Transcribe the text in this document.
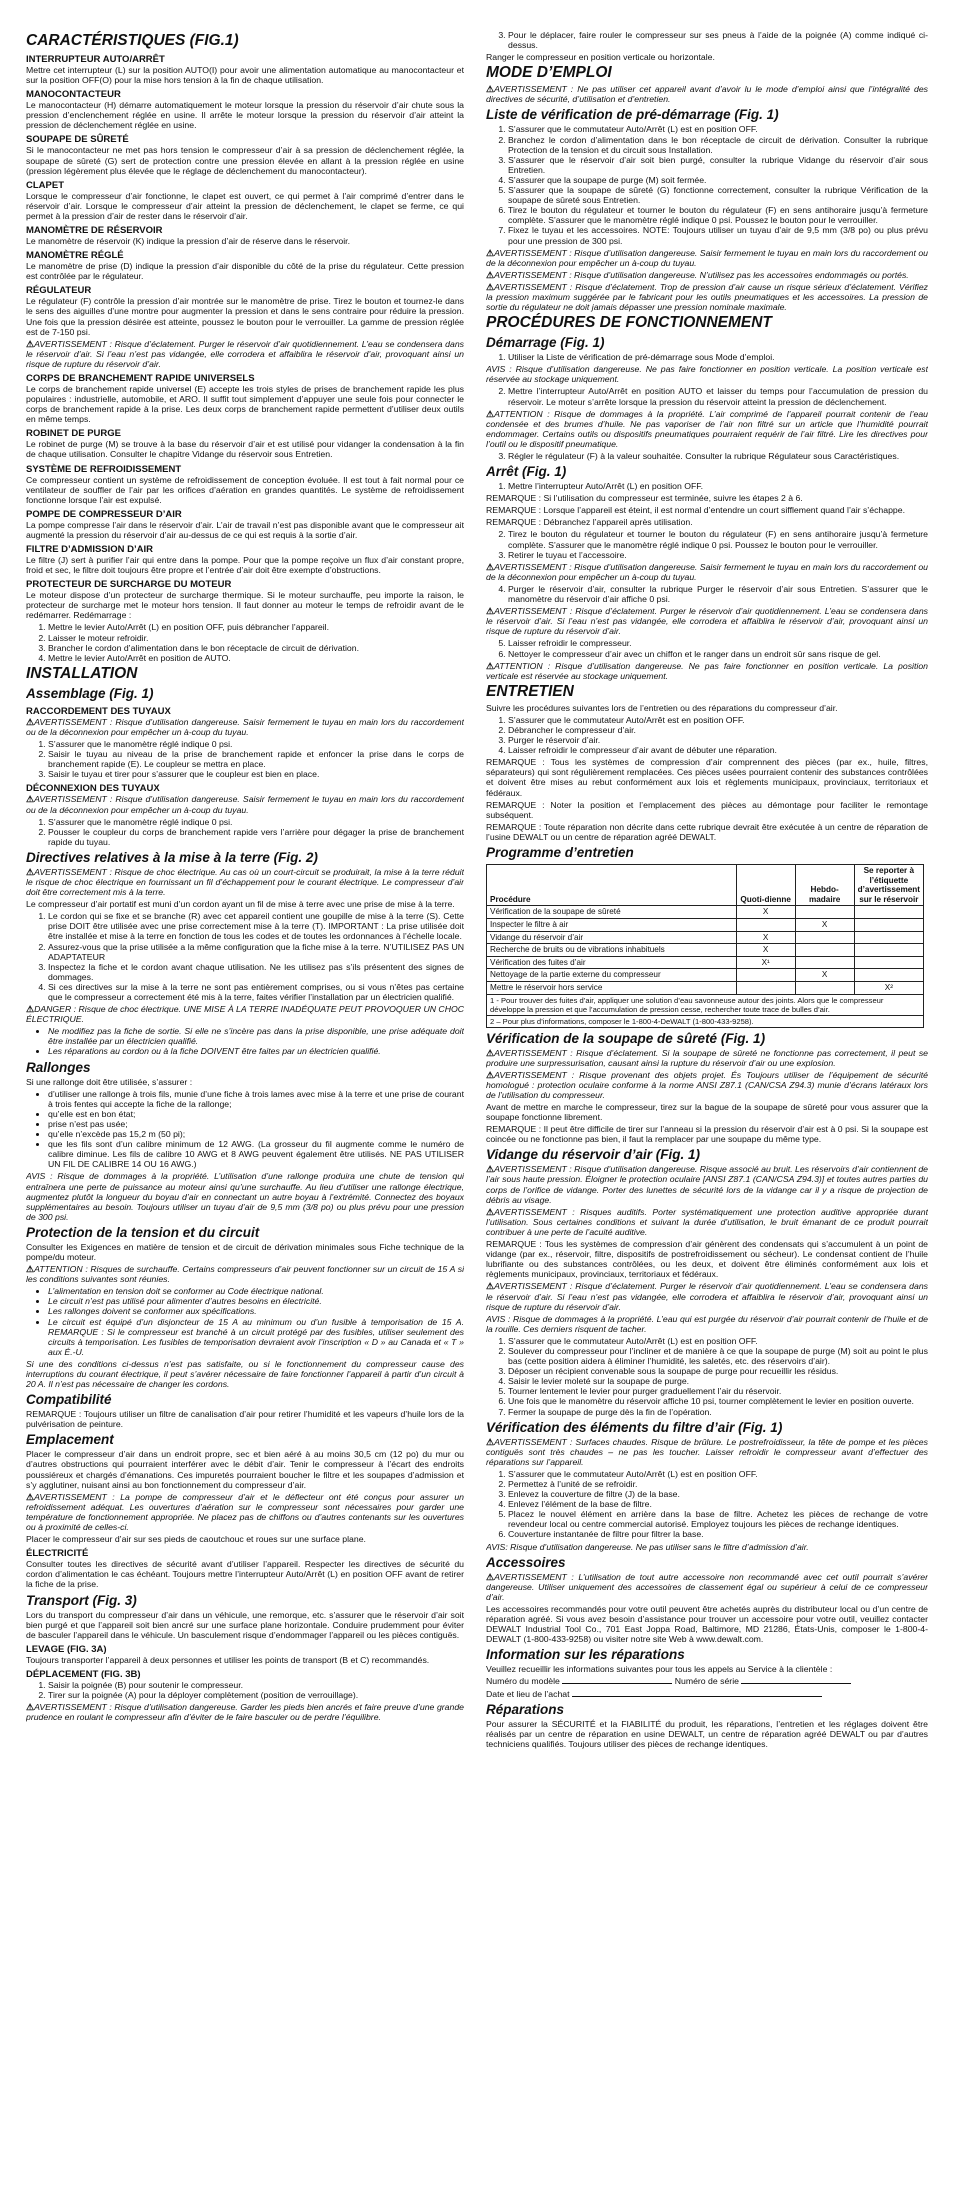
CARACTÉRISTIQUES (FIG.1)
INTERRUPTEUR AUTO/ARRÊT

Mettre cet interrupteur (L) sur la position AUTO(I) pour avoir une alimentation automatique au manocontacteur et sur la position OFF(O) pour la mise hors tension à la fin de chaque utilisation.

MANOCONTACTEUR

Le manocontacteur (H) démarre automatiquement le moteur lorsque la pression du réservoir d’air chute sous la pression d’enclenchement réglée en usine. Il arrête le moteur lorsque la pression du réservoir d’air atteint la pression de déclenchement réglée en usine.

SOUPAPE DE SÛRETÉ

Si le manocontacteur ne met pas hors tension le compresseur d’air à sa pression de déclenchement réglée, la soupape de sûreté (G) sert de protection contre une pression élevée en allant à la pression réglée en usine (pression légèrement plus élevée que le réglage de déclenchement du manocontacteur).

CLAPET

Lorsque le compresseur d’air fonctionne, le clapet est ouvert, ce qui permet à l’air comprimé d’entrer dans le réservoir d’air. Lorsque le compresseur d’air atteint la pression de déclenchement, le clapet se ferme, ce qui permet à la pression d’air de rester dans le réservoir d’air.

MANOMÈTRE DE RÉSERVOIR

Le manomètre de réservoir (K) indique la pression d’air de réserve dans le réservoir.

MANOMÈTRE RÉGLÉ

Le manomètre de prise (D) indique la pression d’air disponible du côté de la prise du régulateur. Cette pression est contrôlée par le régulateur.

RÉGULATEUR

Le régulateur (F) contrôle la pression d’air montrée sur le manomètre de prise. Tirez le bouton et tournez-le dans le sens des aiguilles d’une montre pour augmenter la pression et dans le sens contraire pour réduire la pression. Une fois que la pression désirée est atteinte, poussez le bouton pour le verrouiller. La gamme de pression réglée est de 7-150 psi.

⚠AVERTISSEMENT : Risque d’éclatement. Purger le réservoir d’air quotidiennement. L’eau se condensera dans le réservoir d’air. Si l’eau n’est pas vidangée, elle corrodera et affaiblira le réservoir d’air, provoquant ainsi un risque de rupture du réservoir d’air.

CORPS DE BRANCHEMENT RAPIDE UNIVERSELS

Le corps de branchement rapide universel (E) accepte les trois styles de prises de branchement rapide les plus populaires : industrielle, automobile, et ARO. Il suffit tout simplement d’appuyer une seule fois pour connecter le corps de branchement rapide à la prise. Les deux corps de branchement rapide permettent d’utiliser deux outils en même temps.

ROBINET DE PURGE

Le robinet de purge (M) se trouve à la base du réservoir d’air et est utilisé pour vidanger la condensation à la fin de chaque utilisation. Consulter le chapitre Vidange du réservoir sous Entretien.

SYSTÈME DE REFROIDISSEMENT

Ce compresseur contient un système de refroidissement de conception évoluée. Il est tout à fait normal pour ce ventilateur de souffler de l’air par les orifices d’aération en grandes quantités. Le système de refroidissement fonctionne lorsque l’air est expulsé.

POMPE DE COMPRESSEUR D’AIR

La pompe compresse l’air dans le réservoir d’air. L’air de travail n’est pas disponible avant que le compresseur ait augmenté la pression du réservoir d’air au-dessus de ce qui est requis à la sortie d’air.

FILTRE D’ADMISSION D’AIR

Le filtre (J) sert à purifier l’air qui entre dans la pompe. Pour que la pompe reçoive un flux d’air constant propre, froid et sec, le filtre doit toujours être propre et l’entrée d’air doit être exempte d’obstructions.

PROTECTEUR DE SURCHARGE DU MOTEUR

Le moteur dispose d’un protecteur de surcharge thermique. Si le moteur surchauffe, peu importe la raison, le protecteur de surcharge met le moteur hors tension. Il faut donner au moteur le temps de refroidir avant de le redémarrer. Redémarrage :

1. Mettre le levier Auto/Arrêt (L) en position OFF, puis débrancher l’appareil.
2. Laisser le moteur refroidir.
3. Brancher le cordon d’alimentation dans le bon réceptacle de circuit de dérivation.
4. Mettre le levier Auto/Arrêt en position de AUTO.
INSTALLATION
Assemblage (Fig. 1)
RACCORDEMENT DES TUYAUX

⚠AVERTISSEMENT : Risque d’utilisation dangereuse. Saisir fermement le tuyau en main lors du raccordement ou de la déconnexion pour empêcher un à-coup du tuyau.

1. S’assurer que le manomètre réglé indique 0 psi.
2. Saisir le tuyau au niveau de la prise de branchement rapide et enfoncer la prise dans le corps de branchement rapide (E). Le coupleur se mettra en place.
3. Saisir le tuyau et tirer pour s’assurer que le coupleur est bien en place.
DÉCONNEXION DES TUYAUX

⚠AVERTISSEMENT : Risque d’utilisation dangereuse. Saisir fermement le tuyau en main lors du raccordement ou de la déconnexion pour empêcher un à-coup du tuyau.

1. S’assurer que le manomètre réglé indique 0 psi.
2. Pousser le coupleur du corps de branchement rapide vers l’arrière pour dégager la prise de branchement rapide du tuyau.
Directives relatives à la mise à la terre (Fig. 2)

⚠AVERTISSEMENT : Risque de choc électrique. Au cas où un court-circuit se produirait, la mise à la terre réduit le risque de choc électrique en fournissant un fil d’échappement pour le courant électrique. Le compresseur d’air doit être correctement mis à la terre.

Le compresseur d’air portatif est muni d’un cordon ayant un fil de mise à terre avec une prise de mise à la terre.

1. Le cordon qui se fixe et se branche (R) avec cet appareil contient une goupille de mise à la terre (S). Cette prise DOIT être utilisée avec une prise correctement mise à la terre (T). IMPORTANT : La prise utilisée doit être installée et mise à la terre en fonction de tous les codes et de toutes les ordonnances à l’échelle locale.
2. Assurez-vous que la prise utilisée a la même configuration que la fiche mise à la terre. N’UTILISEZ PAS UN ADAPTATEUR
3. Inspectez la fiche et le cordon avant chaque utilisation. Ne les utilisez pas s’ils présentent des signes de dommages.
4. Si ces directives sur la mise à la terre ne sont pas entièrement comprises, ou si vous n’êtes pas certaine que le compresseur a correctement été mis à la terre, faites vérifier l’installation par un électricien qualifié.

⚠DANGER : Risque de choc électrique. UNE MISE À LA TERRE INADÉQUATE PEUT PROVOQUER UN CHOC ÉLECTRIQUE.

• Ne modifiez pas la fiche de sortie. Si elle ne s’incère pas dans la prise disponible, une prise adéquate doit être installée par un électricien qualifié.
• Les réparations au cordon ou à la fiche DOIVENT être faites par un électricien qualifié.
Rallonges

Si une rallonge doit être utilisée, s’assurer :

• d’utiliser une rallonge à trois fils, munie d’une fiche à trois lames avec mise à la terre et une prise de courant à trois fentes qui accepte la fiche de la rallonge;
• qu’elle est en bon état;
• prise n’est pas usée;
• qu’elle n’excède pas 15,2 m (50 pi);
• que les fils sont d’un calibre minimum de 12 AWG. (La grosseur du fil augmente comme le numéro de calibre diminue. Les fils de calibre 10 AWG et 8 AWG peuvent également être utilisés. NE PAS UTILISER UN FIL DE CALIBRE 14 OU 16 AWG.)

AVIS : Risque de dommages à la propriété. L’utilisation d’une rallonge produira une chute de tension qui entraînera une perte de puissance au moteur ainsi qu’une surchauffe. Au lieu d’utiliser une rallonge électrique, augmentez plutôt la longueur du boyau d’air en connectant un autre boyau à l’extrémité. Connectez des boyaux supplémentaires au besoin. Toujours utiliser un tuyau d’air de 9,5 mm (3/8 po) ou plus prévu pour une pression de 300 psi.

Protection de la tension et du circuit

Consulter les Exigences en matière de tension et de circuit de dérivation minimales sous Fiche technique de la pompe/du moteur.

⚠ATTENTION : Risques de surchauffe. Certains compresseurs d’air peuvent fonctionner sur un circuit de 15 A si les conditions suivantes sont réunies.

• L’alimentation en tension doit se conformer au Code électrique national.
• Le circuit n’est pas utilisé pour alimenter d’autres besoins en électricité.
• Les rallonges doivent se conformer aux spécifications.
• Le circuit est équipé d’un disjoncteur de 15 A au minimum ou d’un fusible à temporisation de 15 A. REMARQUE : Si le compresseur est branché à un circuit protégé par des fusibles, utiliser seulement des circuits à temporisation. Les fusibles de temporisation devraient avoir l’inscription « D » au Canada et « T » aux É.-U.

Si une des conditions ci-dessus n’est pas satisfaite, ou si le fonctionnement du compresseur cause des interruptions du courant électrique, il peut s’avérer nécessaire de faire fonctionner l’appareil à partir d’un circuit à 20 A. Il n’est pas nécessaire de changer les cordons.

Compatibilité

REMARQUE : Toujours utiliser un filtre de canalisation d’air pour retirer l’humidité et les vapeurs d’huile lors de la pulvérisation de peinture.

Emplacement

Placer le compresseur d’air dans un endroit propre, sec et bien aéré à au moins 30,5 cm (12 po) du mur ou d’autres obstructions qui pourraient interférer avec le débit d’air. Tenir le compresseur à l’écart des endroits poussiéreux et chargés d’émanations. Ces impuretés pourraient boucher le filtre et les soupapes d’admission et s’y agglutiner, nuisant ainsi au bon fonctionnement du compresseur d’air.

⚠AVERTISSEMENT : La pompe de compresseur d’air et le déflecteur ont été conçus pour assurer un refroidissement adéquat. Les ouvertures d’aération sur le compresseur sont nécessaires pour garder une température de fonctionnement appropriée. Ne placez pas de chiffons ou d’autres contenants sur les ouvertures ou à proximité de celles-ci.

Placer le compresseur d’air sur ses pieds de caoutchouc et roues sur une surface plane.

ÉLECTRICITÉ

Consulter toutes les directives de sécurité avant d’utiliser l’appareil. Respecter les directives de sécurité du cordon d’alimentation le cas échéant. Toujours mettre l’interrupteur Auto/Arrêt (L) en position OFF avant de retirer la fiche de la prise.

Transport (Fig. 3)

Lors du transport du compresseur d’air dans un véhicule, une remorque, etc. s’assurer que le réservoir d’air soit bien purgé et que l’appareil soit bien ancré sur une surface plane horizontale. Conduire prudemment pour éviter de basculer l’appareil dans le véhicule. Un basculement risque d’endommager l’appareil ou les pièces contiguës.

LEVAGE (FIG. 3A)

Toujours transporter l’appareil à deux personnes et utiliser les points de transport (B et C) recommandés.

DÉPLACEMENT (FIG. 3B)
1. Saisir la poignée (B) pour soutenir le compresseur.
2. Tirer sur la poignée (A) pour la déployer complètement (position de verrouillage).

⚠AVERTISSEMENT : Risque d’utilisation dangereuse. Garder les pieds bien ancrés et faire preuve d’une grande prudence en roulant le compresseur afin d’éviter de le faire basculer ou de perdre l’équilibre.

3. Pour le déplacer, faire rouler le compresseur sur ses pneus à l’aide de la poignée (A) comme indiqué ci-dessus.

Ranger le compresseur en position verticale ou horizontale.

MODE D’EMPLOI

⚠AVERTISSEMENT : Ne pas utiliser cet appareil avant d’avoir lu le mode d’emploi ainsi que l’intégralité des directives de sécurité, d’utilisation et d’entretien.

Liste de vérification de pré-démarrage (Fig. 1)
1. S’assurer que le commutateur Auto/Arrêt (L) est en position OFF.
2. Branchez le cordon d’alimentation dans le bon réceptacle de circuit de dérivation. Consulter la rubrique Protection de la tension et du circuit sous Installation.
3. S’assurer que le réservoir d’air soit bien purgé, consulter la rubrique Vidange du réservoir d’air sous Entretien.
4. S’assurer que la soupape de purge (M) soit fermée.
5. S’assurer que la soupape de sûreté (G) fonctionne correctement, consulter la rubrique Vérification de la soupape de sûreté sous Entretien.
6. Tirez le bouton du régulateur et tourner le bouton du régulateur (F) en sens antihoraire jusqu’à fermeture complète. S’assurer que le manomètre réglé indique 0 psi. Poussez le bouton pour le verrouiller.
7. Fixez le tuyau et les accessoires. NOTE: Toujours utiliser un tuyau d’air de 9,5 mm (3/8 po) ou plus prévu pour une pression de 300 psi.

⚠AVERTISSEMENT : Risque d’utilisation dangereuse. Saisir fermement le tuyau en main lors du raccordement ou de la déconnexion pour empêcher un à-coup du tuyau.

⚠AVERTISSEMENT : Risque d’utilisation dangereuse. N’utilisez pas les accessoires endommagés ou portés.

⚠AVERTISSEMENT : Risque d’éclatement. Trop de pression d’air cause un risque sérieux d’éclatement. Vérifiez la pression maximum suggérée par le fabricant pour les outils pneumatiques et les accessoires. La pression de sortie du régulateur ne doit jamais dépasser une pression nominale maximale.

PROCÉDURES DE FONCTIONNEMENT
Démarrage (Fig. 1)
1. Utiliser la Liste de vérification de pré-démarrage sous Mode d’emploi.

AVIS : Risque d’utilisation dangereuse. Ne pas faire fonctionner en position verticale. La position verticale est réservée au stockage uniquement.

2. Mettre l’interrupteur Auto/Arrêt en position AUTO et laisser du temps pour l’accumulation de pression du réservoir. Le moteur s’arrête lorsque la pression du réservoir atteint la pression de déclenchement.

⚠ATTENTION : Risque de dommages à la propriété. L’air comprimé de l’appareil pourrait contenir de l’eau condensée et des brumes d’huile. Ne pas vaporiser de l’air non filtré sur un article que l’humidité pourrait endommager. Certains outils ou dispositifs pneumatiques pourraient requérir de l’air filtré. Lire les directives pour l’outil ou le dispositif pneumatique.

3. Régler le régulateur (F) à la valeur souhaitée. Consulter la rubrique Régulateur sous Caractéristiques.
Arrêt (Fig. 1)
1. Mettre l’interrupteur Auto/Arrêt (L) en position OFF.

REMARQUE : Si l’utilisation du compresseur est terminée, suivre les étapes 2 à 6.

REMARQUE : Lorsque l’appareil est éteint, il est normal d’entendre un court sifflement quand l’air s’échappe.

REMARQUE : Débranchez l’appareil après utilisation.

2. Tirez le bouton du régulateur et tourner le bouton du régulateur (F) en sens antihoraire jusqu’à fermeture complète. S’assurer que le manomètre réglé indique 0 psi. Poussez le bouton pour le verrouiller.
3. Retirer le tuyau et l’accessoire.

⚠AVERTISSEMENT : Risque d’utilisation dangereuse. Saisir fermement le tuyau en main lors du raccordement ou de la déconnexion pour empêcher un à-coup du tuyau.

4. Purger le réservoir d’air, consulter la rubrique Purger le réservoir d’air sous Entretien. S’assurer que le manomètre du réservoir d’air affiche 0 psi.

⚠AVERTISSEMENT : Risque d’éclatement. Purger le réservoir d’air quotidiennement. L’eau se condensera dans le réservoir d’air. Si l’eau n’est pas vidangée, elle corrodera et affaiblira le réservoir d’air, provoquant ainsi un risque de rupture du réservoir d’air.

5. Laisser refroidir le compresseur.
6. Nettoyer le compresseur d’air avec un chiffon et le ranger dans un endroit sûr sans risque de gel.

⚠ATTENTION : Risque d’utilisation dangereuse. Ne pas faire fonctionner en position verticale. La position verticale est réservée au stockage uniquement.

ENTRETIEN

Suivre les procédures suivantes lors de l’entretien ou des réparations du compresseur d’air.

1. S’assurer que le commutateur Auto/Arrêt est en position OFF.
2. Débrancher le compresseur d’air.
3. Purger le réservoir d’air.
4. Laisser refroidir le compresseur d’air avant de débuter une réparation.

REMARQUE : Tous les systèmes de compression d’air comprennent des pièces (par ex., huile, filtres, séparateurs) qui sont régulièrement remplacées. Ces pièces usées pourraient contenir des substances contrôlées et doivent être mises au rebut conformément aux lois et règlements municipaux, provinciaux, territoriaux et fédéraux.

REMARQUE : Noter la position et l’emplacement des pièces au démontage pour faciliter le remontage subséquent.

REMARQUE : Toute réparation non décrite dans cette rubrique devrait être exécutée à un centre de réparation de l’usine DEWALT ou un centre de réparation agréé DEWALT.

Programme d’entretien
Procédure	Quoti-dienne	Hebdo-madaire	Se reporter à l’étiquette d’avertissement sur le réservoir
Vérification de la soupape de sûreté	X		
Inspecter le filtre à air		X	
Vidange du réservoir d’air	X		
Recherche de bruits ou de vibrations inhabituels	X		
Vérification des fuites d’air	X¹		
Nettoyage de la partie externe du compresseur		X	
Mettre le réservoir hors service			X²
1 - Pour trouver des fuites d’air, appliquer une solution d’eau savonneuse autour des joints. Alors que le compresseur développe la pression et que l’accumulation de pression cesse, rechercher toute trace de bulles d’air.			
2 – Pour plus d’informations, composer le 1-800-4-DeWALT (1-800-433-9258).			
Vérification de la soupape de sûreté (Fig. 1)

⚠AVERTISSEMENT : Risque d’éclatement. Si la soupape de sûreté ne fonctionne pas correctement, il peut se produire une surpressurisation, causant ainsi la rupture du réservoir d’air ou une explosion.

⚠AVERTISSEMENT : Risque provenant des objets projet. És Toujours utiliser de l’équipement de sécurité homologué : protection oculaire conforme à la norme ANSI Z87.1 (CAN/CSA Z94.3) munie d’écrans latéraux lors de l’utilisation du compresseur.

Avant de mettre en marche le compresseur, tirez sur la bague de la soupape de sûreté pour vous assurer que la soupape fonctionne librement.

REMARQUE : Il peut être difficile de tirer sur l’anneau si la pression du réservoir d’air est à 0 psi. Si la soupape est coincée ou ne fonctionne pas bien, il faut la remplacer par une soupape du même type.

Vidange du réservoir d’air (Fig. 1)

⚠AVERTISSEMENT : Risque d’utilisation dangereuse. Risque associé au bruit. Les réservoirs d’air contiennent de l’air sous haute pression. Éloigner le protection oculaire [ANSI Z87.1 (CAN/CSA Z94.3)] et toutes autres parties du corps de l’orifice de vidange. Porter des lunettes de sécurité lors de la vidange car il y a risque de projection de débris au visage.

⚠AVERTISSEMENT : Risques auditifs. Porter systématiquement une protection auditive appropriée durant l’utilisation. Sous certaines conditions et suivant la durée d’utilisation, le bruit émanant de ce produit pourrait contribuer à une perte de l’acuité auditive.

REMARQUE : Tous les systèmes de compression d’air génèrent des condensats qui s’accumulent à un point de vidange (par ex., réservoir, filtre, dispositifs de postrefroidissement ou sécheur). Le condensat contient de l’huile lubrifiante ou des substances contrôlées, ou les deux, et doivent être éliminés conformément aux lois et règlements municipaux, provinciaux, territoriaux et fédéraux.

⚠AVERTISSEMENT : Risque d’éclatement. Purger le réservoir d’air quotidiennement. L’eau se condensera dans le réservoir d’air. Si l’eau n’est pas vidangée, elle corrodera et affaiblira le réservoir d’air, provoquant ainsi un risque de rupture du réservoir d’air.

AVIS : Risque de dommages à la propriété. L’eau qui est purgée du réservoir d’air pourrait contenir de l’huile et de la rouille. Ces derniers risquent de tacher.

1. S’assurer que le commutateur Auto/Arrêt (L) est en position OFF.
2. Soulever du compresseur pour l’incliner et de manière à ce que la soupape de purge (M) soit au point le plus bas (cette position aidera à éliminer l’humidité, les saletés, etc. des réservoirs d’air).
3. Déposer un récipient convenable sous la soupape de purge pour recueillir les résidus.
4. Saisir le levier moleté sur la soupape de purge.
5. Tourner lentement le levier pour purger graduellement l’air du réservoir.
6. Une fois que le manomètre du réservoir affiche 10 psi, tourner complètement le levier en position ouverte.
7. Fermer la soupape de purge dès la fin de l’opération.
Vérification des éléments du filtre d’air (Fig. 1)

⚠AVERTISSEMENT : Surfaces chaudes. Risque de brûlure. Le postrefroidisseur, la tête de pompe et les pièces contiguës sont très chaudes – ne pas les toucher. Laisser refroidir le compresseur avant d’effectuer des réparations sur l’appareil.

1. S’assurer que le commutateur Auto/Arrêt (L) est en position OFF.
2. Permettez à l’unité de se refroidir.
3. Enlevez la couverture de filtre (J) de la base.
4. Enlevez l’élément de la base de filtre.
5. Placez le nouvel élément en arrière dans la base de filtre. Achetez les pièces de rechange de votre revendeur local ou centre commercial autorisé. Employez toujours les pièces de rechange identiques.
6. Couverture instantanée de filtre pour filtrer la base.

AVIS: Risque d’utilisation dangereuse. Ne pas utiliser sans le filtre d’admission d’air.

Accessoires

⚠AVERTISSEMENT : L’utilisation de tout autre accessoire non recommandé avec cet outil pourrait s’avérer dangereuse. Utiliser uniquement des accessoires de classement égal ou supérieur à celui de ce compresseur d’air.

Les accessoires recommandés pour votre outil peuvent être achetés auprès du distributeur local ou d’un centre de réparation agréé. Si vous avez besoin d’assistance pour trouver un accessoire pour votre outil, veuillez contacter DEWALT Industrial Tool Co., 701 East Joppa Road, Baltimore, MD 21286, États-Unis, composer le 1-800-4-DEWALT (1-800-433-9258) ou visiter notre site Web à www.dewalt.com.

Information sur les réparations

Veuillez recueillir les informations suivantes pour tous les appels au Service à la clientèle :

Numéro du modèle	Numéro de série

Date et lieu de l’achat

Réparations

Pour assurer la SÉCURITÉ et la FIABILITÉ du produit, les réparations, l’entretien et les réglages doivent être réalisés par un centre de réparation en usine DEWALT, un centre de réparation agréé DEWALT ou par d’autres techniciens qualifiés. Toujours utiliser des pièces de rechange identiques.
